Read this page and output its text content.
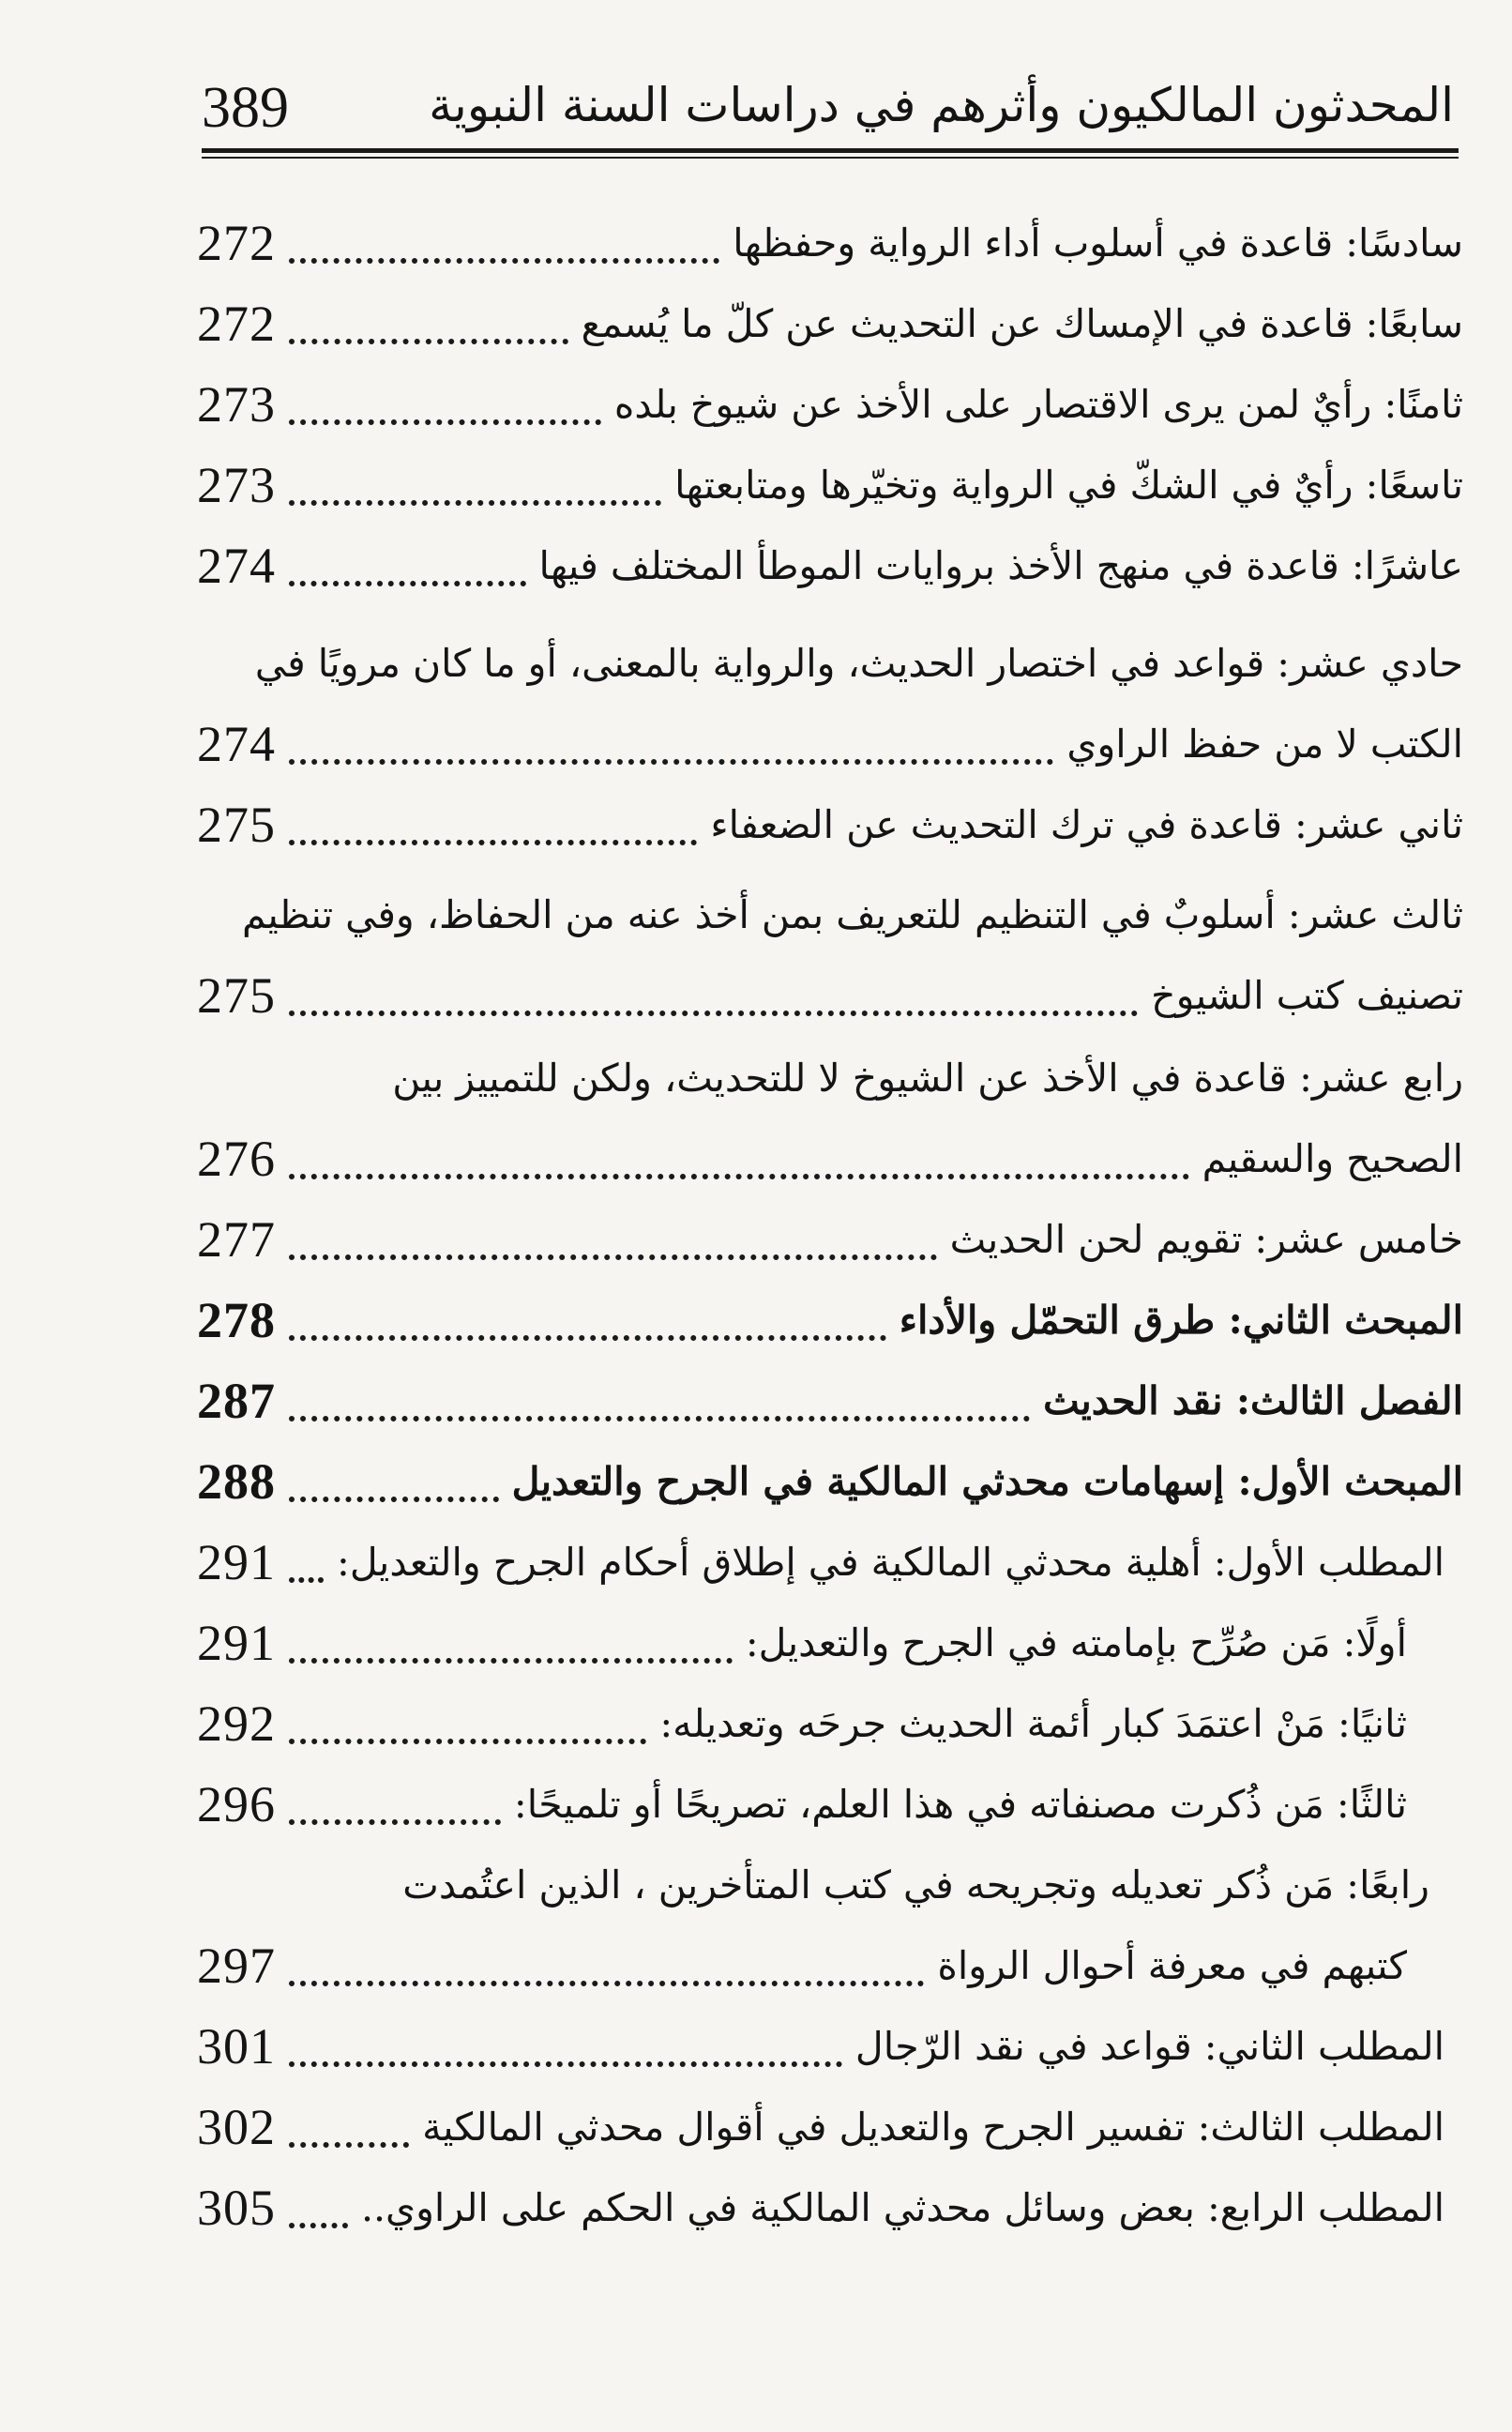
389	المحدثون المالكيون وأثرهم في دراسات السنة النبوية
سادسًا: قاعدة في أسلوب أداء الرواية وحفظها
272
سابعًا: قاعدة في الإمساك عن التحديث عن كلّ ما يُسمع
272
ثامنًا: رأيٌ لمن يرى الاقتصار على الأخذ عن شيوخ بلده
273
تاسعًا: رأيٌ في الشكّ في الرواية وتخيّرها ومتابعتها
273
عاشرًا: قاعدة في منهج الأخذ بروايات الموطأ المختلف فيها
274
حادي عشر: قواعد في اختصار الحديث، والرواية بالمعنى، أو ما كان مرويًا في
الكتب لا من حفظ الراوي
274
ثاني عشر: قاعدة في ترك التحديث عن الضعفاء
275
ثالث عشر: أسلوبٌ في التنظيم للتعريف بمن أخذ عنه من الحفاظ، وفي تنظيم
تصنيف كتب الشيوخ
275
رابع عشر: قاعدة في الأخذ عن الشيوخ لا للتحديث، ولكن للتمييز بين
الصحيح والسقيم
276
خامس عشر: تقويم لحن الحديث
277
المبحث الثاني: طرق التحمّل والأداء
278
الفصل الثالث: نقد الحديث
287
المبحث الأول: إسهامات محدثي المالكية في الجرح والتعديل
288
المطلب الأول: أهلية محدثي المالكية في إطلاق أحكام الجرح والتعديل:
291
أولًا: مَن صُرِّح بإمامته في الجرح والتعديل:
291
ثانيًا: مَنْ اعتمَدَ كبار أئمة الحديث جرحَه وتعديله:
292
ثالثًا: مَن ذُكرت مصنفاته في هذا العلم، تصريحًا أو تلميحًا:
296
رابعًا: مَن ذُكر تعديله وتجريحه في كتب المتأخرين ، الذين اعتُمدت
كتبهم في معرفة أحوال الرواة
297
المطلب الثاني: قواعد في نقد الرّجال
301
المطلب الثالث: تفسير الجرح والتعديل في أقوال محدثي المالكية
302
المطلب الرابع: بعض وسائل محدثي المالكية في الحكم على الراوي..
305
